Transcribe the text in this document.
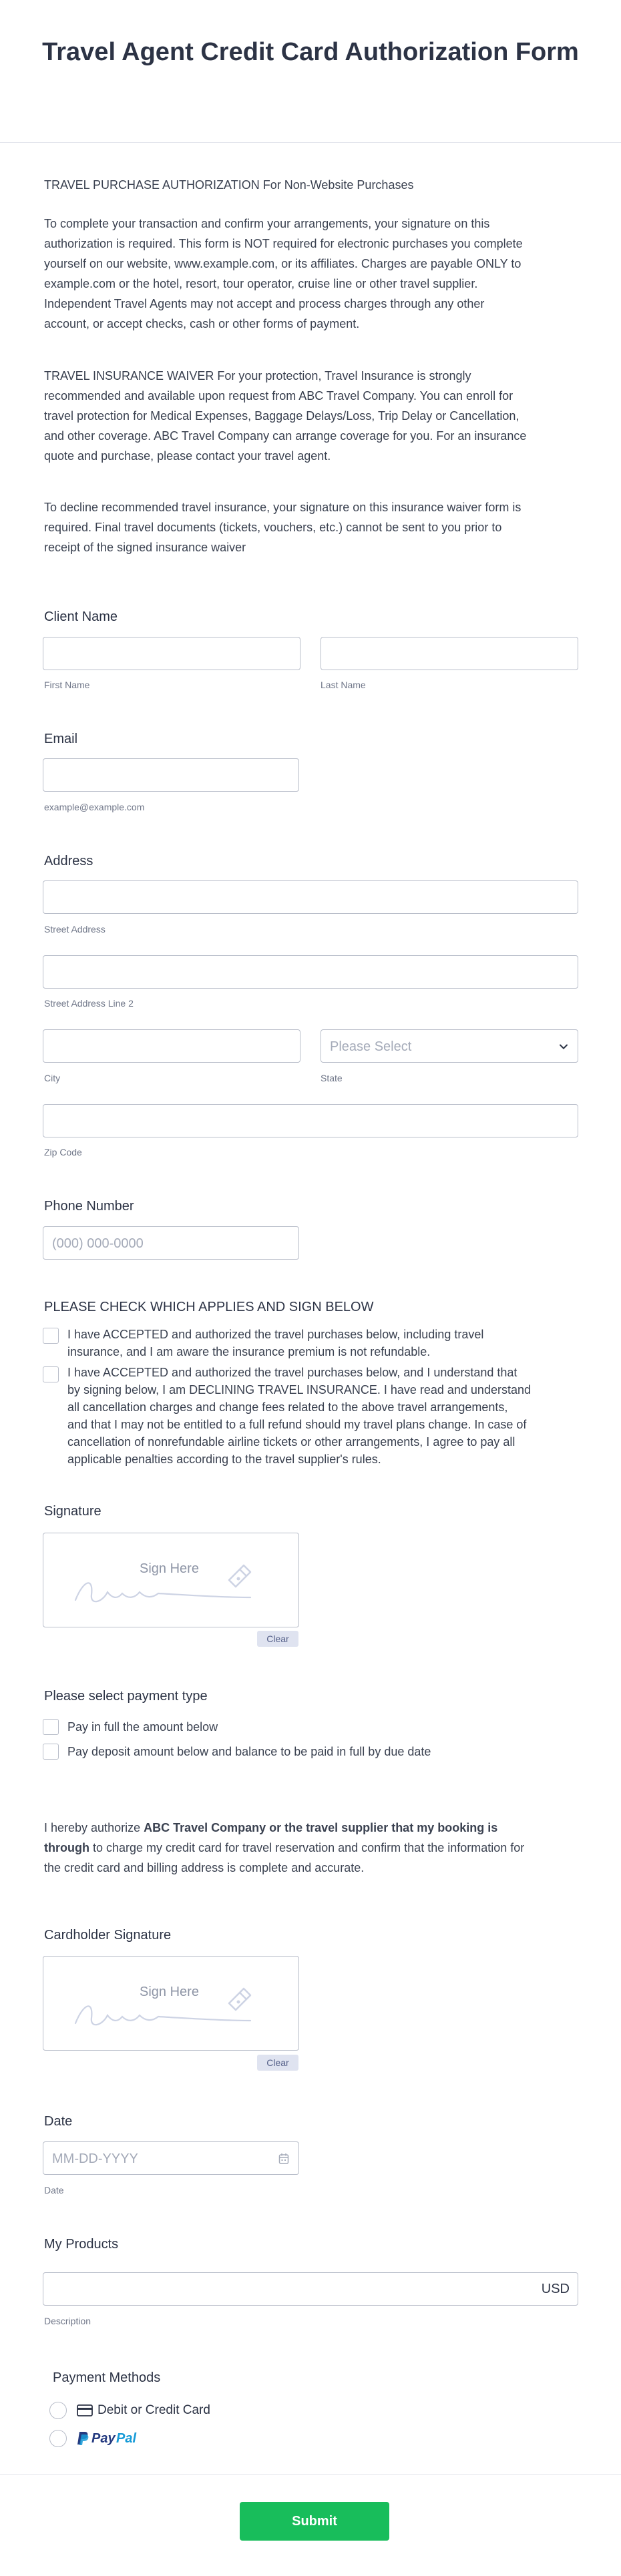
Travel Agent Credit Card Authorization Form
TRAVEL PURCHASE AUTHORIZATION For Non-Website Purchases
To complete your transaction and confirm your arrangements, your signature on this
authorization is required. This form is NOT required for electronic purchases you complete
yourself on our website, www.example.com, or its affiliates. Charges are payable ONLY to
example.com or the hotel, resort, tour operator, cruise line or other travel supplier.
Independent Travel Agents may not accept and process charges through any other
account, or accept checks, cash or other forms of payment.
TRAVEL INSURANCE WAIVER For your protection, Travel Insurance is strongly
recommended and available upon request from ABC Travel Company. You can enroll for
travel protection for Medical Expenses, Baggage Delays/Loss, Trip Delay or Cancellation,
and other coverage. ABC Travel Company can arrange coverage for you. For an insurance
quote and purchase, please contact your travel agent.
To decline recommended travel insurance, your signature on this insurance waiver form is
required. Final travel documents (tickets, vouchers, etc.) cannot be sent to you prior to
receipt of the signed insurance waiver
Client Name
First Name	Last Name
Email
example@example.com
Address
Street Address
Street Address Line 2
Please Select
City	State
Zip Code
Phone Number
(000) 000-0000
PLEASE CHECK WHICH APPLIES AND SIGN BELOW
I have ACCEPTED and authorized the travel purchases below, including travel
insurance, and I am aware the insurance premium is not refundable.
I have ACCEPTED and authorized the travel purchases below, and I understand that
by signing below, I am DECLINING TRAVEL INSURANCE. I have read and understand
all cancellation charges and change fees related to the above travel arrangements,
and that I may not be entitled to a full refund should my travel plans change. In case of
cancellation of nonrefundable airline tickets or other arrangements, I agree to pay all
applicable penalties according to the travel supplier's rules.
Signature
Sign Here
Clear
Please select payment type
Pay in full the amount below
Pay deposit amount below and balance to be paid in full by due date
I hereby authorize ABC Travel Company or the travel supplier that my booking is
through to charge my credit card for travel reservation and confirm that the information for
the credit card and billing address is complete and accurate.
Cardholder Signature
Sign Here
Clear
Date
MM-DD-YYYY
Date
My Products
USD
Description
Payment Methods
Debit or Credit Card
Pay Pal
Submit
